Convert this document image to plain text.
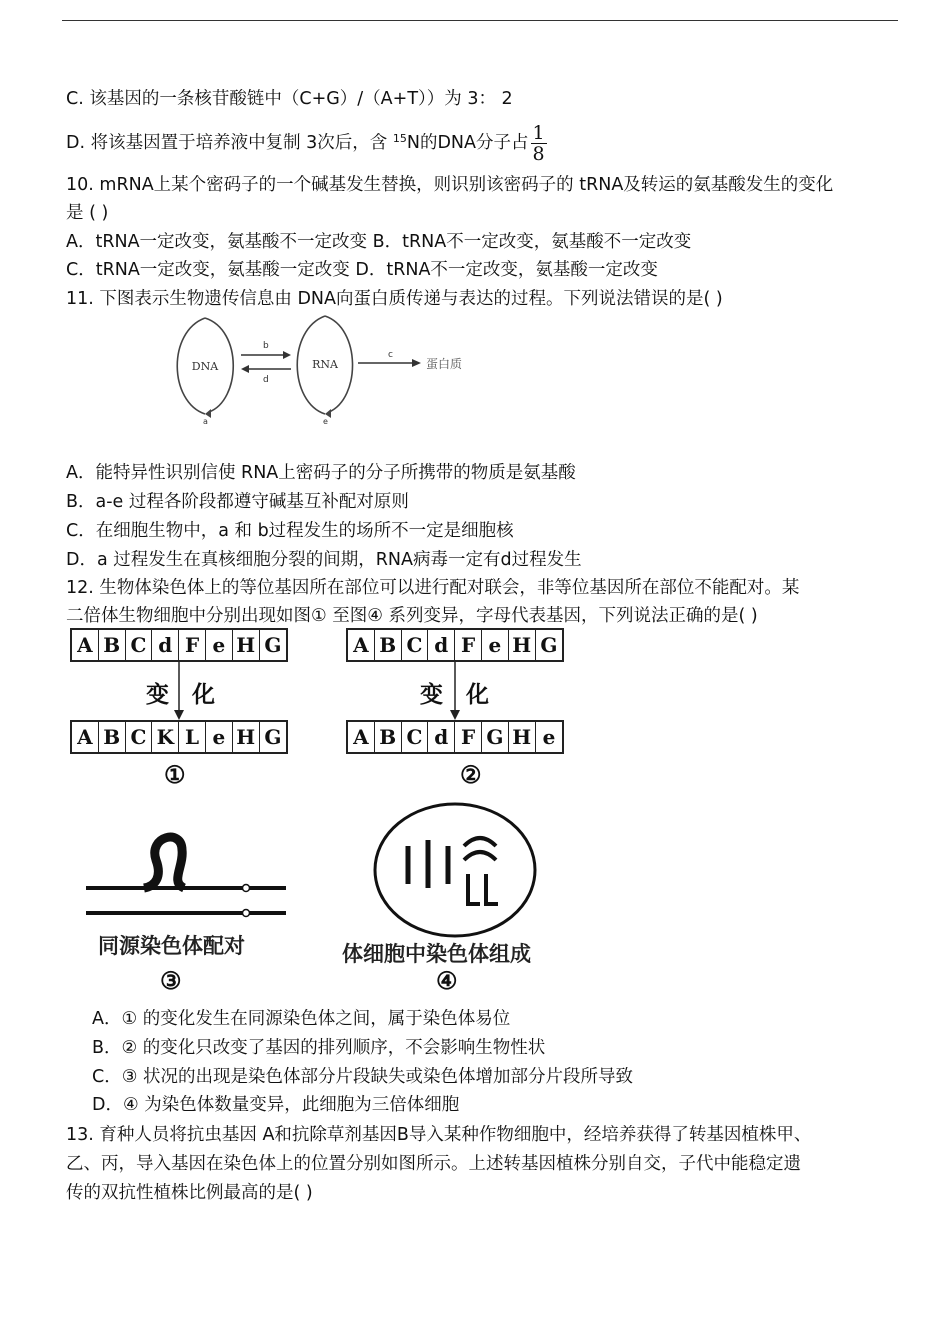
C. 该基因的一条核苷酸链中（C+G）/（A+T））为 3： 2
D. 将该基因置于培养液中复制 3次后，含 $^{15}$N的DNA分子占 $\frac{1}{8}$
10. mRNA上某个密码子的一个碱基发生替换，则识别该密码子的 tRNA及转运的氨基酸发生的变化
是 ( )
A．tRNA一定改变，氨基酸不一定改变 B．tRNA不一定改变，氨基酸不一定改变
C．tRNA一定改变，氨基酸一定改变 D．tRNA不一定改变，氨基酸一定改变
11. 下图表示生物遗传信息由 DNA向蛋白质传递与表达的过程。下列说法错误的是( )
DNA
a
b
d
RNA
e
c
蛋白质
A．能特异性识别信使 RNA上密码子的分子所携带的物质是氨基酸
B．a-e 过程各阶段都遵守碱基互补配对原则
C．在细胞生物中，a 和 b过程发生的场所不一定是细胞核
D．a 过程发生在真核细胞分裂的间期，RNA病毒一定有d过程发生
12. 生物体染色体上的等位基因所在部位可以进行配对联会，非等位基因所在部位不能配对。某
二倍体生物细胞中分别出现如图① 至图④ 系列变异，字母代表基因，下列说法正确的是( )
A B C d F e H G
变 化
A B C K L e H G
①
A B C d F e H G
变 化
A B C d F G H e
②
同源染色体配对
③
体细胞中染色体组成
④
A．① 的变化发生在同源染色体之间，属于染色体易位
B．② 的变化只改变了基因的排列顺序，不会影响生物性状
C．③ 状况的出现是染色体部分片段缺失或染色体增加部分片段所导致
D．④ 为染色体数量变异，此细胞为三倍体细胞
13. 育种人员将抗虫基因 A和抗除草剂基因B导入某种作物细胞中，经培养获得了转基因植株甲、
乙、丙，导入基因在染色体上的位置分别如图所示。上述转基因植株分别自交，子代中能稳定遗
传的双抗性植株比例最高的是( )
